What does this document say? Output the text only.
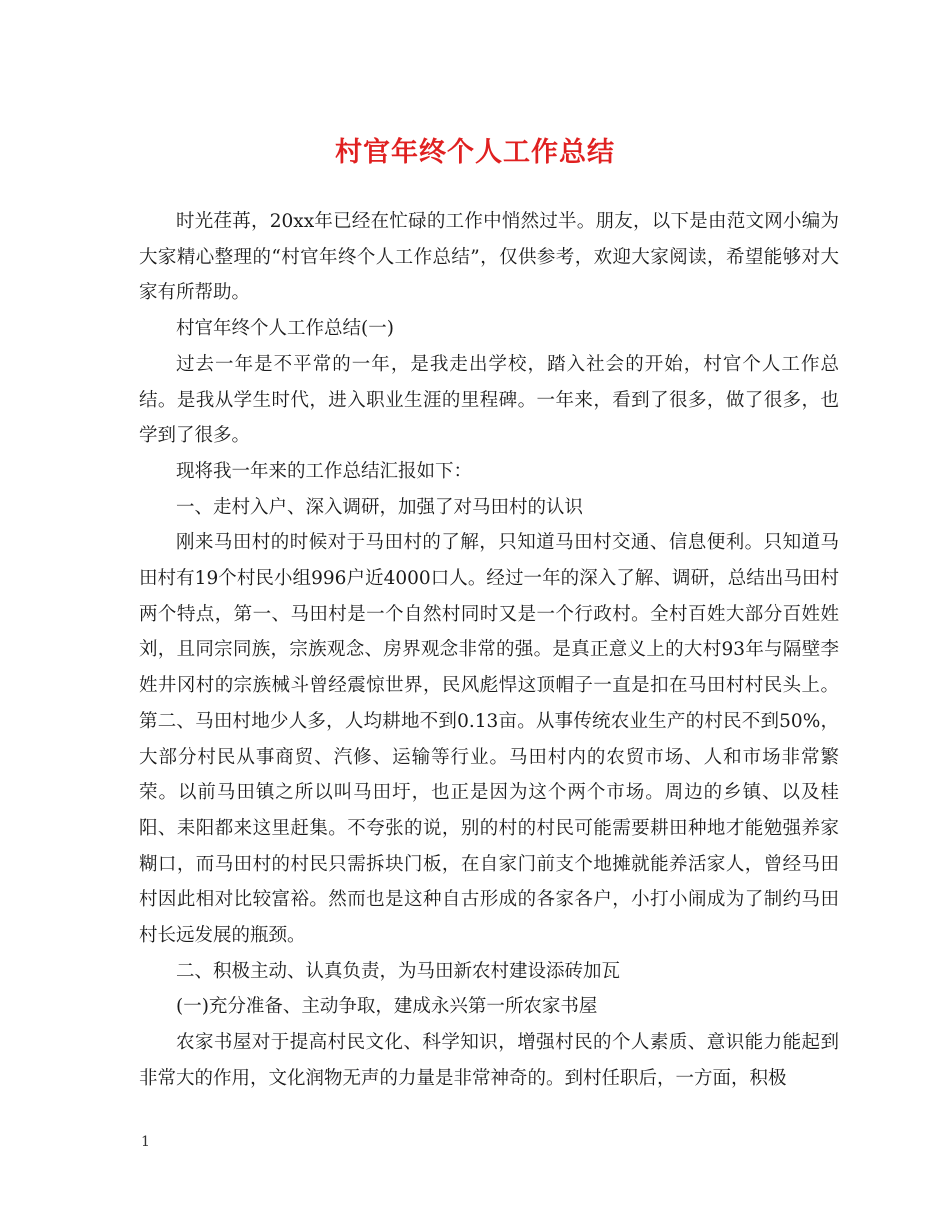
村官年终个人工作总结

时光荏苒，20xx年已经在忙碌的工作中悄然过半。朋友，以下是由范文网小编为大家精心整理的“村官年终个人工作总结”，仅供参考，欢迎大家阅读，希望能够对大家有所帮助。

村官年终个人工作总结(一)

过去一年是不平常的一年，是我走出学校，踏入社会的开始，村官个人工作总结。是我从学生时代，进入职业生涯的里程碑。一年来，看到了很多，做了很多，也学到了很多。

现将我一年来的工作总结汇报如下：

一、走村入户、深入调研，加强了对马田村的认识

刚来马田村的时候对于马田村的了解，只知道马田村交通、信息便利。只知道马田村有19个村民小组996户近4000口人。经过一年的深入了解、调研，总结出马田村两个特点，第一、马田村是一个自然村同时又是一个行政村。全村百姓大部分百姓姓刘，且同宗同族，宗族观念、房界观念非常的强。是真正意义上的大村93年与隔壁李姓井冈村的宗族械斗曾经震惊世界，民风彪悍这顶帽子一直是扣在马田村村民头上。第二、马田村地少人多，人均耕地不到0.13亩。从事传统农业生产的村民不到50%，大部分村民从事商贸、汽修、运输等行业。马田村内的农贸市场、人和市场非常繁荣。以前马田镇之所以叫马田圩，也正是因为这个两个市场。周边的乡镇、以及桂阳、耒阳都来这里赶集。不夸张的说，别的村的村民可能需要耕田种地才能勉强养家糊口，而马田村的村民只需拆块门板，在自家门前支个地摊就能养活家人，曾经马田村因此相对比较富裕。然而也是这种自古形成的各家各户，小打小闹成为了制约马田村长远发展的瓶颈。

二、积极主动、认真负责，为马田新农村建设添砖加瓦

(一)充分准备、主动争取，建成永兴第一所农家书屋

农家书屋对于提高村民文化、科学知识，增强村民的个人素质、意识能力能起到非常大的作用，文化润物无声的力量是非常神奇的。到村任职后，一方面，积极

1
